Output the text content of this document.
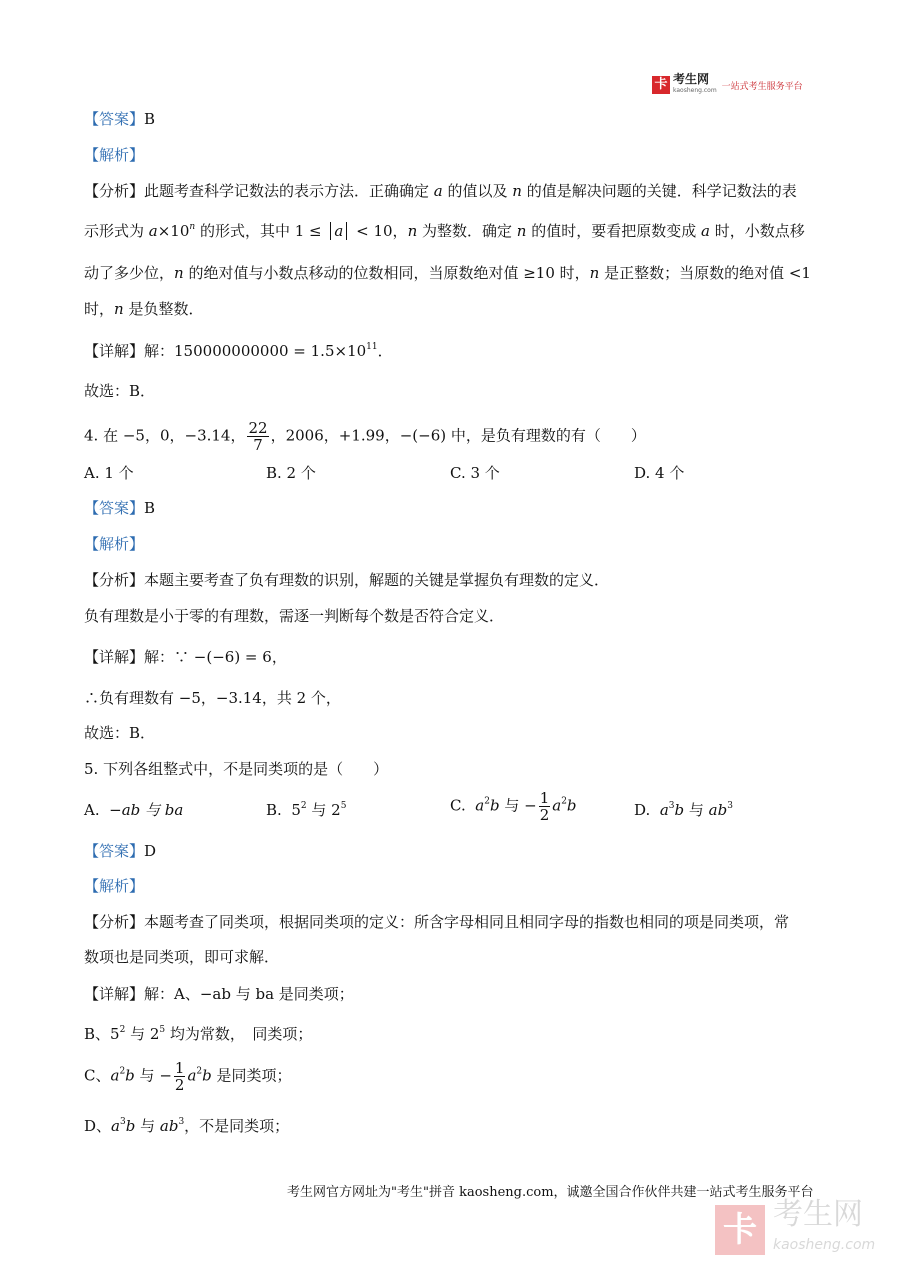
卡 考生网
kaosheng.com 一站式考生服务平台
【答案】B
【解析】
【分析】此题考查科学记数法的表示方法．正确确定 a 的值以及 n 的值是解决问题的关键．科学记数法的表
示形式为 $a\times 10^n$ 的形式，其中 1 ≤ a < 10，n 为整数．确定 n 的值时，要看把原数变成 a 时，小数点移
动了多少位，n 的绝对值与小数点移动的位数相同，当原数绝对值 ≥10 时，n 是正整数；当原数的绝对值 <1
时，n 是负整数．
【详解】解：$150000000000 = 1.5\times 10^{11}$．
故选：B．
4. 在 −5，0，−3.14， $\frac{22}{7}$ ，2006，+1.99，−(−6) 中，是负有理数的有（　　）
A. 1 个	B. 2 个	C. 3 个	D. 4 个
【答案】B
【解析】
【分析】本题主要考查了负有理数的识别，解题的关键是掌握负有理数的定义．
负有理数是小于零的有理数，需逐一判断每个数是否符合定义．
【详解】解：∵ −(−6) = 6，
∴负有理数有 −5，−3.14，共 2 个，
故选：B．
5. 下列各组整式中，不是同类项的是（　　）
A. −ab 与 ba	B. $5^2$ 与 $2^5$	C. $a^2b$ 与 − $\frac{1}{2} a^2b$	D. $a^3b$ 与 $ab^3$
【答案】D
【解析】
【分析】本题考查了同类项，根据同类项的定义：所含字母相同且相同字母的指数也相同的项是同类项，常
数项也是同类项，即可求解．
【详解】解：A、−ab 与 ba 是同类项；
B、$5^2$ 与 $2^5$ 均为常数，　同类项；
C、$a^2b$ 与 − $\frac{1}{2} a^2b$ 是同类项；
D、$a^3b$ 与 $ab^3$，不是同类项；
考生网官方网址为"考生"拼音 kaosheng.com，诚邀全国合作伙伴共建一站式考生服务平台
卡 考生网
kaosheng.com
